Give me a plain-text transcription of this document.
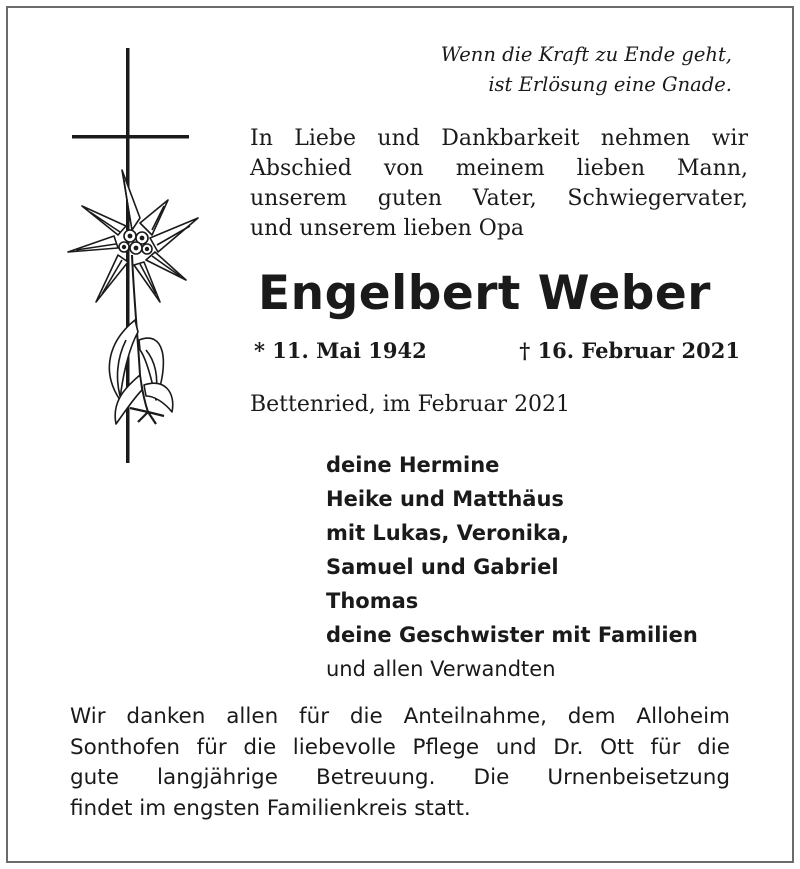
Wenn die Kraft zu Ende geht,
ist Erlösung eine Gnade.
In Liebe und Dankbarkeit nehmen wir
Abschied von meinem lieben Mann,
unserem guten Vater, Schwiegervater,
und unserem lieben Opa
Engelbert Weber
* 11. Mai 1942	† 16. Februar 2021
Bettenried, im Februar 2021
deine Hermine
Heike und Matthäus
mit Lukas, Veronika,
Samuel und Gabriel
Thomas
deine Geschwister mit Familien
und allen Verwandten
Wir danken allen für die Anteilnahme, dem Alloheim
Sonthofen für die liebevolle Pflege und Dr. Ott für die
gute langjährige Betreuung. Die Urnenbeisetzung
findet im engsten Familienkreis statt.
